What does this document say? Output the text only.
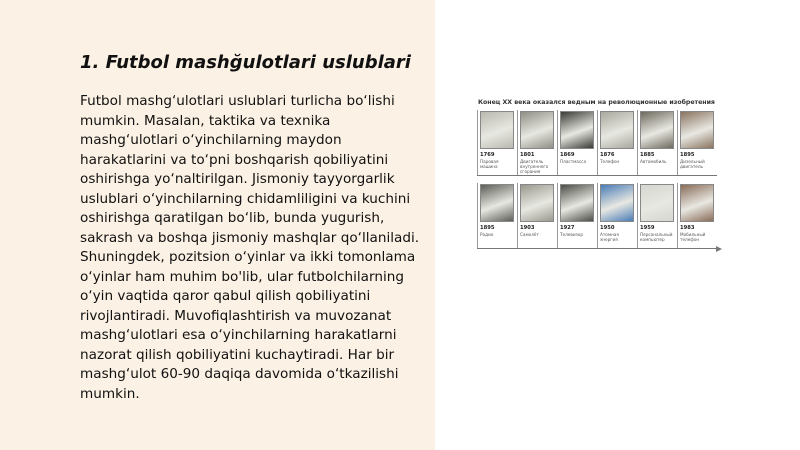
1. Futbol mashğulotlari uslublari

Futbol mashg‘ulotlari uslublari turlicha bo‘lishi mumkin. Masalan, taktika va texnika mashg‘ulotlari o‘yinchilarning maydon harakatlarini va to‘pni boshqarish qobiliyatini oshirishga yo‘naltirilgan. Jismoniy tayyorgarlik uslublari o‘yinchilarning chidamliligini va kuchini oshirishga qaratilgan bo‘lib, bunda yugurish, sakrash va boshqa jismoniy mashqlar qo‘llaniladi. Shuningdek, pozitsion o‘yinlar va ikki tomonlama o‘yinlar ham muhim bo'lib, ular futbolchilarning o‘yin vaqtida qaror qabul qilish qobiliyatini rivojlantiradi. Muvofiqlashtirish va muvozanat mashg‘ulotlari esa o‘yinchilarning harakatlarni nazorat qilish qobiliyatini kuchaytiradi. Har bir mashg‘ulot 60-90 daqiqa davomida o‘tkazilishi mumkin.

Конец XX века оказался ведным на революционные изобретения
1769
Паровая машина
1801
Двигатель внутреннего сгорания
1869
Пластмасса
1876
Телефон
1885
Автомобиль
1895
Дизельный двигатель
1895
Радио
1903
Самолёт
1927
Телевизор
1950
Атомная энергия
1959
Персональный компьютер
1983
Мобильный телефон
